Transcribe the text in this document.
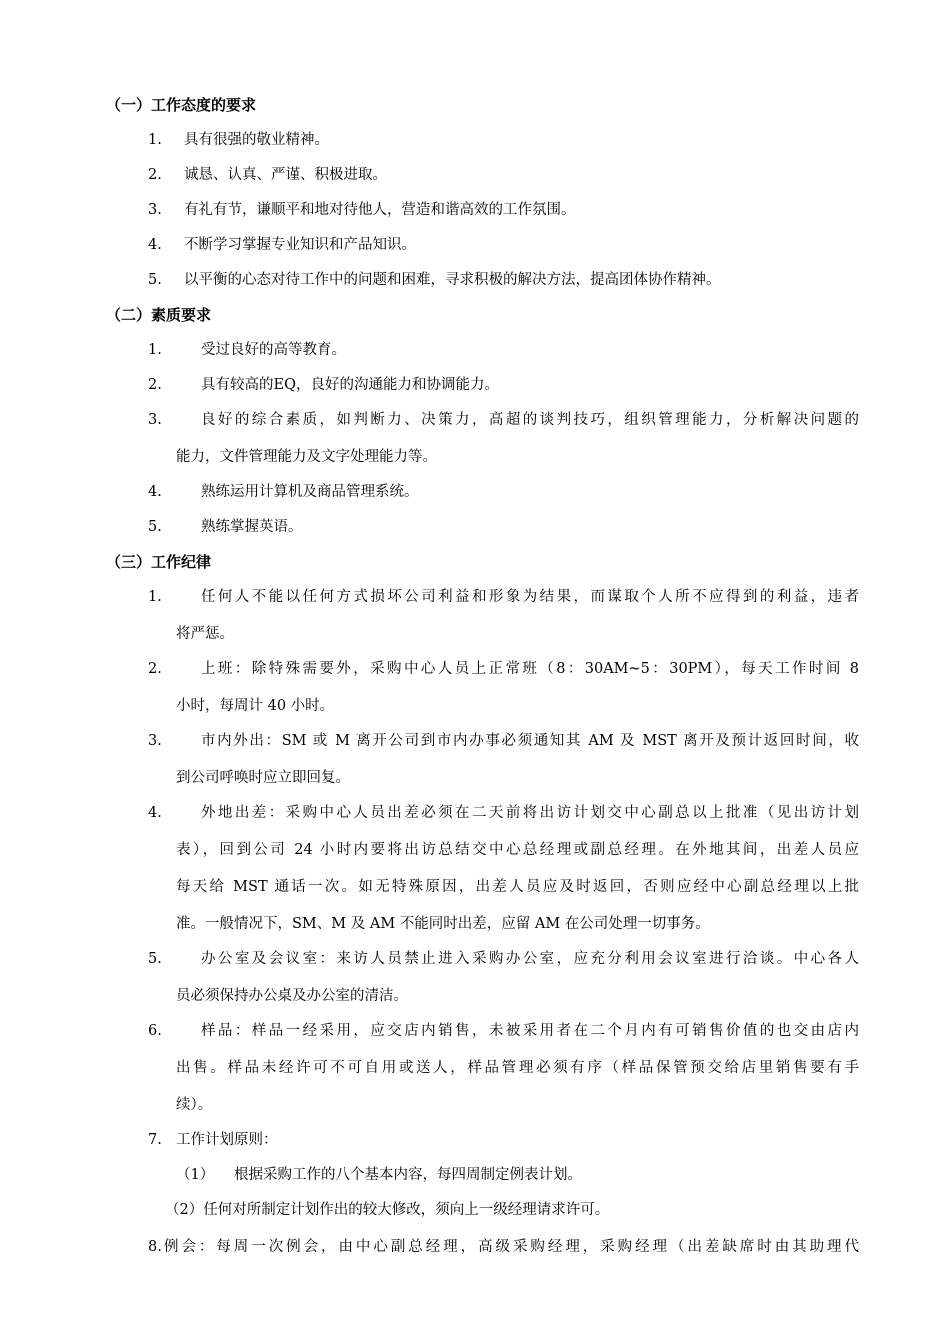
（一）工作态度的要求
1. 具有很强的敬业精神。
2. 诚恳、认真、严谨、积极进取。
3. 有礼有节，谦顺平和地对待他人，营造和谐高效的工作氛围。
4. 不断学习掌握专业知识和产品知识。
5. 以平衡的心态对待工作中的问题和困难，寻求积极的解决方法，提高团体协作精神。
（二）素质要求
1.	受过良好的高等教育。
2.	具有较高的EQ，良好的沟通能力和协调能力。
3.	良好的综合素质，如判断力、决策力，高超的谈判技巧，组织管理能力，分析解决问题的
能力，文件管理能力及文字处理能力等。
4.	熟练运用计算机及商品管理系统。
5.	熟练掌握英语。
（三）工作纪律
1.	任何人不能以任何方式损坏公司利益和形象为结果，而谋取个人所不应得到的利益，违者
将严惩。
2.	上班：除特殊需要外，采购中心人员上正常班（8：30AM~5：30PM），每天工作时间 8
小时，每周计 40 小时。
3.	市内外出：SM 或 M 离开公司到市内办事必须通知其 AM 及 MST 离开及预计返回时间，收
到公司呼唤时应立即回复。
4.	外地出差：采购中心人员出差必须在二天前将出访计划交中心副总以上批准（见出访计划
表），回到公司 24 小时内要将出访总结交中心总经理或副总经理。在外地其间，出差人员应
每天给 MST 通话一次。如无特殊原因，出差人员应及时返回，否则应经中心副总经理以上批
准。一般情况下，SM、M 及 AM 不能同时出差，应留 AM 在公司处理一切事务。
5.	办公室及会议室：来访人员禁止进入采购办公室，应充分利用会议室进行洽谈。中心各人
员必须保持办公桌及办公室的清洁。
6.	样品：样品一经采用，应交店内销售，未被采用者在二个月内有可销售价值的也交由店内
出售。样品未经许可不可自用或送人，样品管理必须有序（样品保管预交给店里销售要有手
续）。
7. 工作计划原则：
（1） 根据采购工作的八个基本内容，每四周制定例表计划。
（2）任何对所制定计划作出的较大修改，须向上一级经理请求许可。
8. 例会：每周一次例会，由中心副总经理，高级采购经理，采购经理（出差缺席时由其助理代
